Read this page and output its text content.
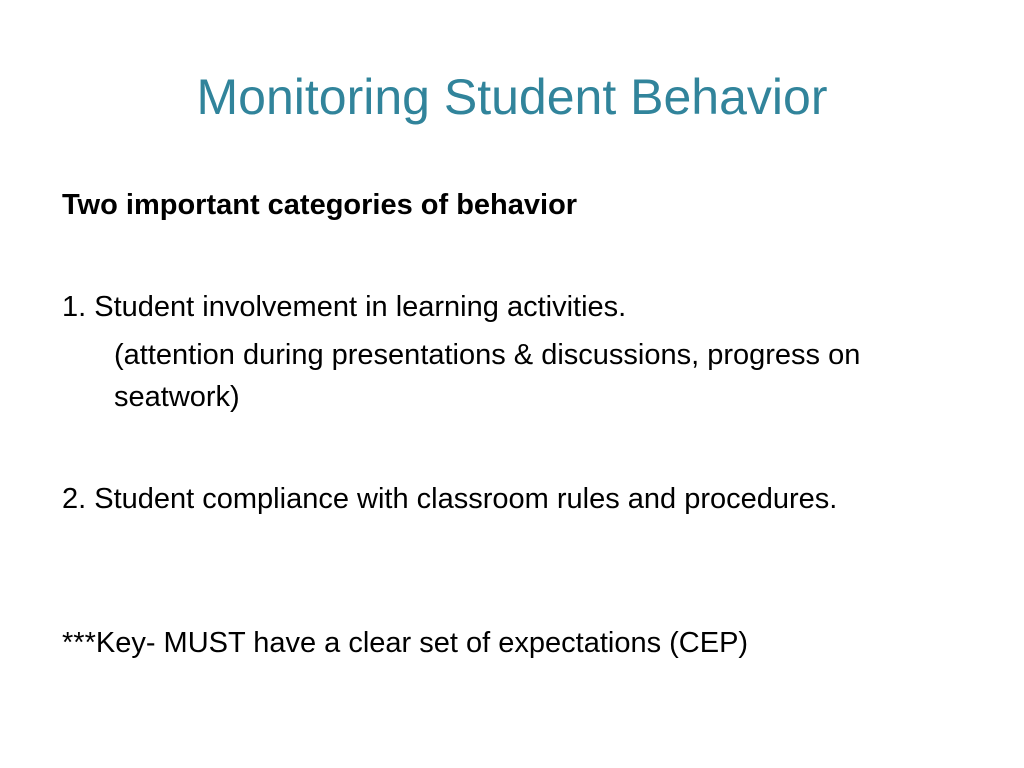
Monitoring Student Behavior
Two important categories of behavior
1. Student involvement in learning activities.
(attention during presentations & discussions, progress on seatwork)
2. Student compliance with classroom rules and procedures.
***Key- MUST have a clear set of expectations (CEP)
